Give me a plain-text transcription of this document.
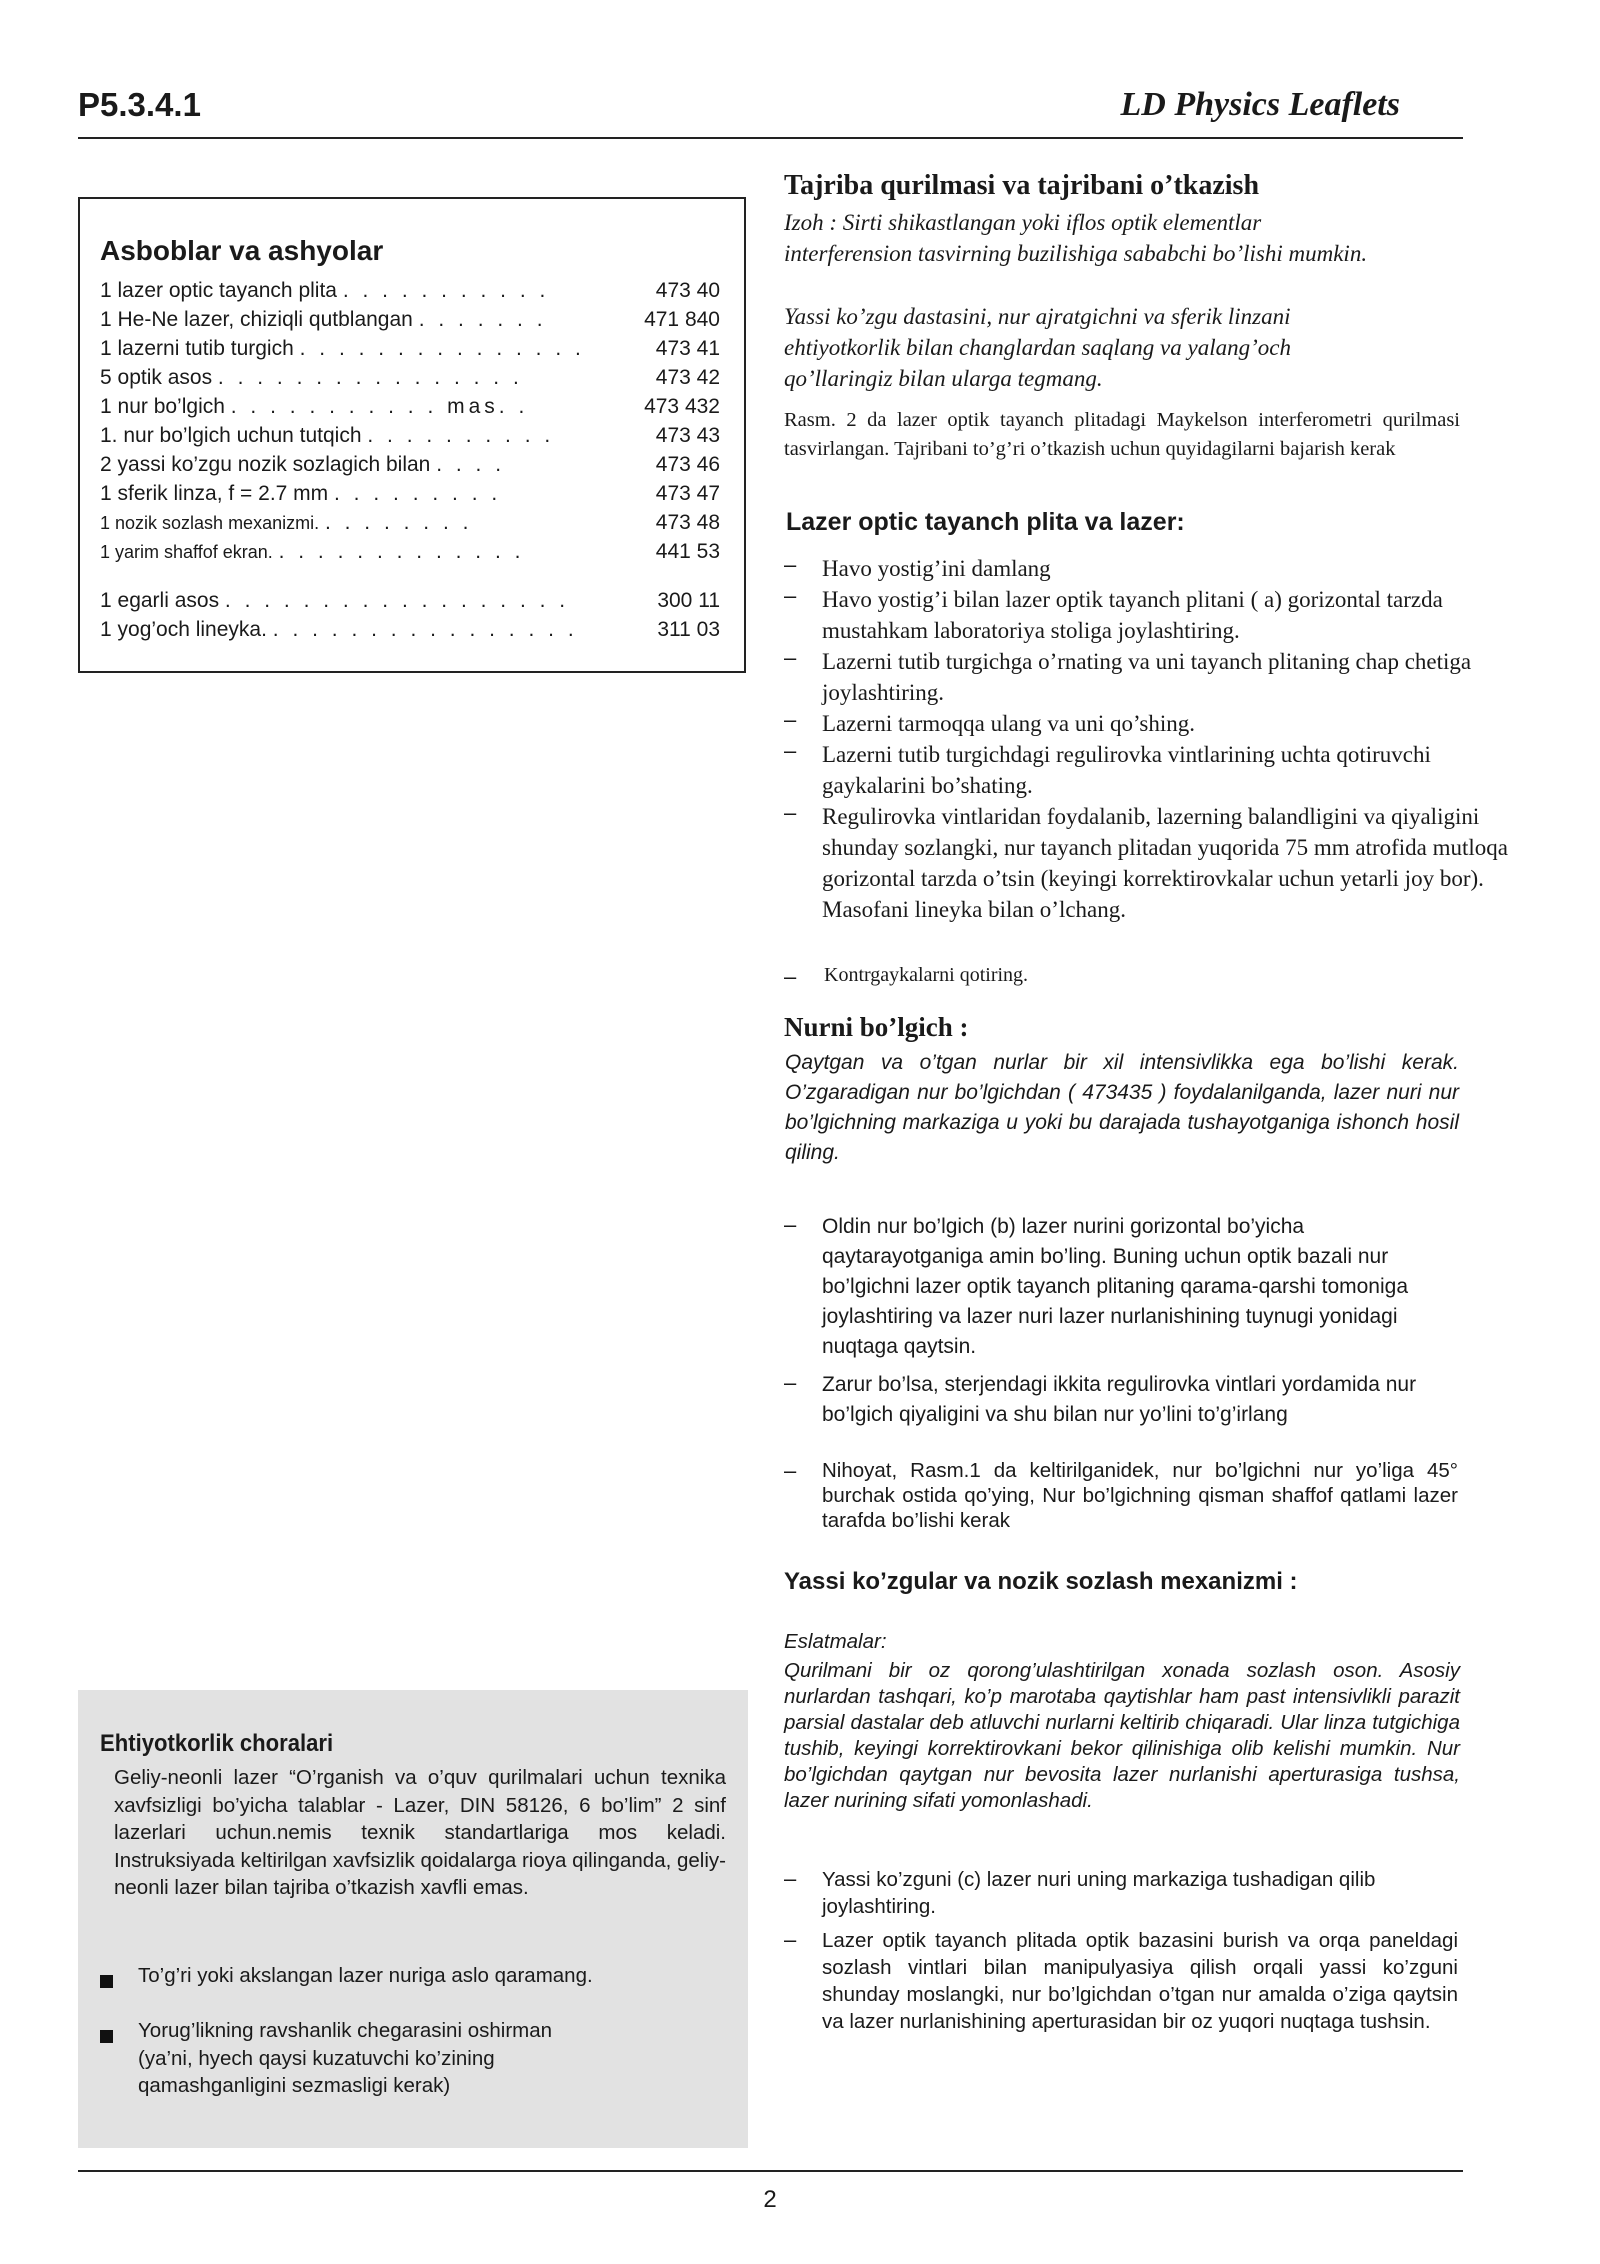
P5.3.4.1	LD Physics Leaflets
Asboblar va ashyolar
1 lazer optic tayanch plita . . . . . . . . . . .	473 40
1 He-Ne lazer, chiziqli qutblangan . . . . . . .	471 840
1 lazerni tutib turgich . . . . . . . . . . . . . . .	473 41
5 optik asos . . . . . . . . . . . . . . . .	473 42
1 nur bo’lgich . . . . . . . . . . . mas. .	473 432
1. nur bo’lgich uchun tutqich . . . . . . . . . .	473 43
2 yassi ko’zgu nozik sozlagich bilan . . . .	473 46
1 sferik linza, f = 2.7 mm . . . . . . . . .	473 47
1 nozik sozlash mexanizmi. . . . . . . . .	473 48
1 yarim shaffof ekran. . . . . . . . . . . . . .	441 53
1 egarli asos . . . . . . . . . . . . . . . . . .	300 11
1 yog’och lineyka. . . . . . . . . . . . . . . . .	311 03
Ehtiyotkorlik choralari
Geliy-neonli lazer “O’rganish va o’quv qurilmalari uchun texnika xavfsizligi bo’yicha talablar - Lazer, DIN 58126, 6 bo’lim” 2 sinf lazerlari uchun.nemis texnik standartlariga mos keladi. Instruksiyada keltirilgan xavfsizlik qoidalarga rioya qilinganda, geliy-neonli lazer bilan tajriba o’tkazish xavfli emas.
To’g’ri yoki akslangan lazer nuriga aslo qaramang.
Yorug’likning ravshanlik chegarasini oshirman (ya’ni, hyech qaysi kuzatuvchi ko’zining qamashganligini sezmasligi kerak)
Tajriba qurilmasi va tajribani o’tkazish
Izoh : Sirti shikastlangan yoki iflos optik elementlar interferension tasvirning buzilishiga sababchi bo’lishi mumkin.
Yassi ko’zgu dastasini, nur ajratgichni va sferik linzani ehtiyotkorlik bilan changlardan saqlang va yalang’och qo’llaringiz bilan ulargа tegmang.
Rasm. 2 da lazer optik tayanch plitadagi Maykelson interferometri qurilmasi tasvirlangan. Tajribani to’g’ri o’tkazish uchun quyidagilarni bajarish kerak
Lazer optic tayanch plita va lazer:
– Havo yostig’ini damlang
– Havo yostig’i bilan lazer optik tayanch plitani ( a) gorizontal tarzda mustahkam laboratoriya stoliga joylashtiring.
– Lazerni tutib turgichga o’rnating va uni tayanch plitaning chap chetiga joylashtiring.
– Lazerni tarmoqqa ulang va uni qo’shing.
– Lazerni tutib turgichdagi regulirovka vintlarining uchta qotiruvchi gaykalarini bo’shating.
– Regulirovka vintlaridan foydalanib, lazerning balandligini va qiyaligini shunday sozlangki, nur tayanch plitadan yuqorida 75 mm atrofida mutloqa gorizontal tarzda o’tsin (keyingi korrektirovkalar uchun yetarli joy bor). Masofani lineyka bilan o’lchang.
– Kontrgaykalarni qotiring.
Nurni bo’lgich :
Qaytgan va o’tgan nurlar bir xil intensivlikka ega bo’lishi kerak. O’zgaradigan nur bo’lgichdan ( 473435 ) foydalanilganda, lazer nuri nur bo’lgichning markaziga u yoki bu darajada tushayotganiga ishonch hosil qiling.
– Oldin nur bo’lgich (b) lazer nurini gorizontal bo’yicha qaytarayotganiga amin bo’ling. Buning uchun optik bazali nur bo’lgichni lazer optik tayanch plitaning qarama-qarshi tomoniga joylashtiring va lazer nuri lazer nurlanishining tuynugi yonidagi nuqtaga qaytsin.
– Zarur bo’lsa, sterjendagi ikkita regulirovka vintlari yordamida nur bo’lgich qiyaligini va shu bilan nur yo’lini to’g’irlang
– Nihoyat, Rasm.1 da keltirilganidek, nur bo’lgichni nur yo’liga 45° burchak ostida qo’ying, Nur bo’lgichning qisman shaffof qatlami lazer tarafda bo’lishi kerak
Yassi ko’zgular va nozik sozlash mexanizmi :
Eslatmalar:
Qurilmani bir oz qorong’ulashtirilgan xonada sozlash oson. Asosiy nurlardan tashqari, ko’p marotaba qaytishlar ham past intensivlikli parazit parsial dastalar deb atluvchi nurlarni keltirib chiqaradi. Ular linza tutgichiga tushib, keyingi korrektirovkani bekor qilinishiga olib kelishi mumkin. Nur bo’lgichdan qaytgan nur bevosita lazer nurlanishi aperturasiga tushsa, lazer nurining sifati yomonlashadi.
– Yassi ko’zguni (c) lazer nuri uning markaziga tushadigan qilib joylashtiring.
– Lazer optik tayanch plitada optik bazasini burish va orqa paneldagi sozlash vintlari bilan manipulyasiya qilish orqali yassi ko’zguni shunday moslangki, nur bo’lgichdan o’tgan nur amalda o’ziga qaytsin va lazer nurlanishining aperturasidan bir oz yuqori nuqtaga tushsin.
2
